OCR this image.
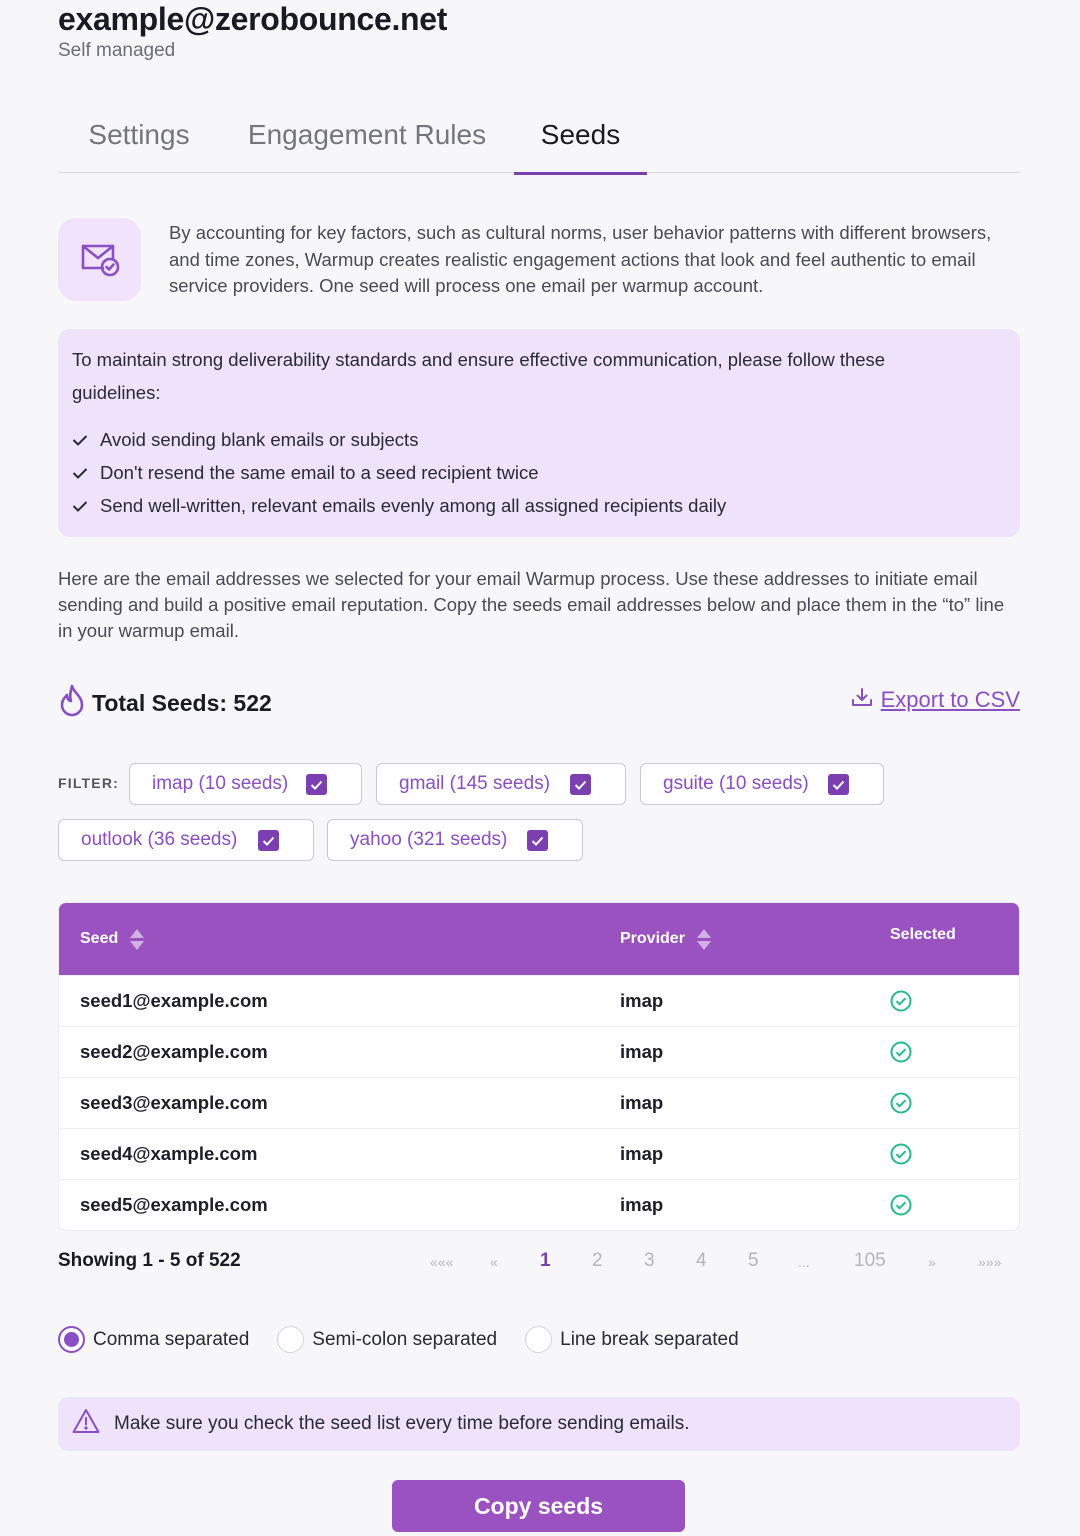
example@zerobounce.net
Self managed
Settings Engagement Rules	Seeds
By accounting for key factors, such as cultural norms, user behavior patterns with different browsers, and time zones, Warmup creates realistic engagement actions that look and feel authentic to email service providers. One seed will process one email per warmup account.
To maintain strong deliverability standards and ensure effective communication, please follow these guidelines:
Avoid sending blank emails or subjects
Don't resend the same email to a seed recipient twice
Send well-written, relevant emails evenly among all assigned recipients daily
Here are the email addresses we selected for your email Warmup process. Use these addresses to initiate email sending and build a positive email reputation. Copy the seeds email addresses below and place them in the “to” line in your warmup email.
Total Seeds: 522	Export to CSV
FILTER: imap (10 seeds)	gmail (145 seeds)	gsuite (10 seeds)
outlook (36 seeds)	yahoo (321 seeds)
Seed	Provider	Selected
seed1@example.com	imap
seed2@example.com	imap
seed3@example.com	imap
seed4@xample.com	imap
seed5@example.com	imap
Showing 1 - 5 of 522	«««	« 1 2 3 4 5	... 105	»	»»»
Comma separated	Semi-colon separated	Line break separated
Make sure you check the seed list every time before sending emails.
Copy seeds
